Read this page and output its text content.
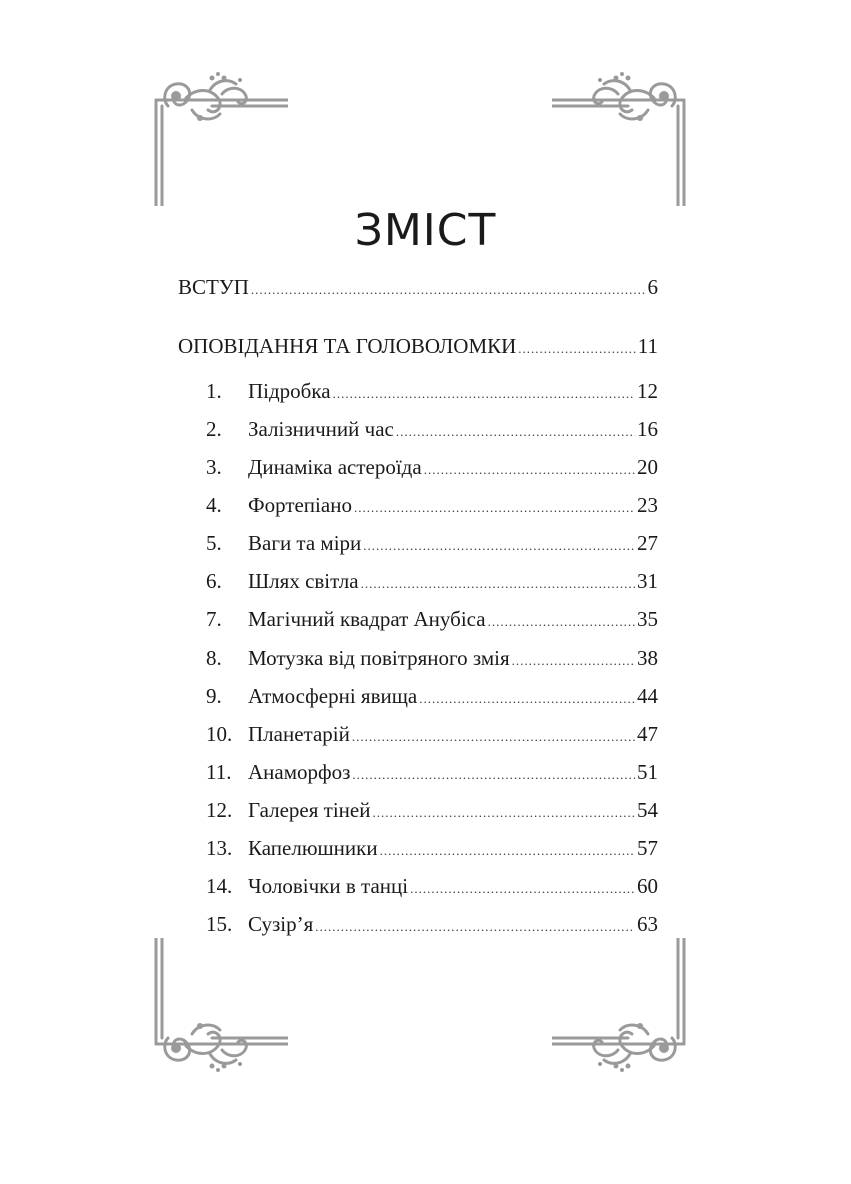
ЗМІСТ
ВСТУП .....	6
ОПОВІДАННЯ ТА ГОЛОВОЛОМКИ .....	11
1.	Підробка .....	12
2.	Залізничний час .....	16
3.	Динаміка астероїда .....	20
4.	Фортепіано .....	23
5.	Ваги та міри .....	27
6.	Шлях світла .....	31
7.	Магічний квадрат Анубіса .....	35
8.	Мотузка від повітряного змія .....	38
9.	Атмосферні явища .....	44
10. Планетарій .....	47
11. Анаморфоз .....	51
12. Галерея тіней .....	54
13. Капелюшники .....	57
14. Чоловічки в танці .....	60
15. Сузір’я .....	63
